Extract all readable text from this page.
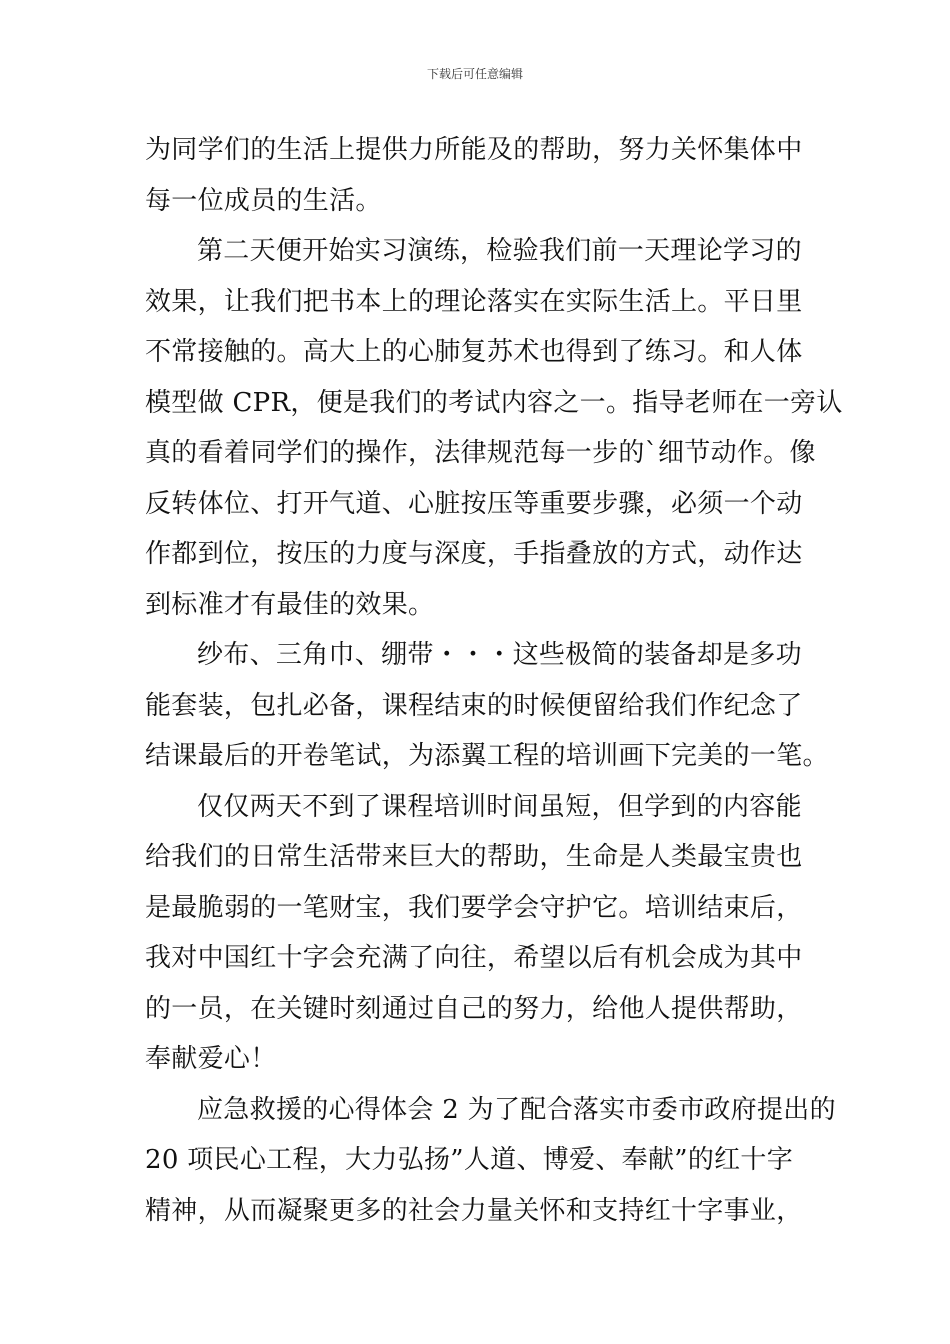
下载后可任意编辑
为同学们的生活上提供力所能及的帮助，努力关怀集体中
每一位成员的生活。
第二天便开始实习演练，检验我们前一天理论学习的
效果，让我们把书本上的理论落实在实际生活上。平日里
不常接触的。高大上的心肺复苏术也得到了练习。和人体
模型做 CPR，便是我们的考试内容之一。指导老师在一旁认
真的看着同学们的操作，法律规范每一步的`细节动作。像
反转体位、打开气道、心脏按压等重要步骤，必须一个动
作都到位，按压的力度与深度，手指叠放的方式，动作达
到标准才有最佳的效果。
纱布、三角巾、绷带・・・这些极简的装备却是多功
能套装，包扎必备，课程结束的时候便留给我们作纪念了
结课最后的开卷笔试，为添翼工程的培训画下完美的一笔。
仅仅两天不到了课程培训时间虽短，但学到的内容能
给我们的日常生活带来巨大的帮助，生命是人类最宝贵也
是最脆弱的一笔财宝，我们要学会守护它。培训结束后，
我对中国红十字会充满了向往，希望以后有机会成为其中
的一员，在关键时刻通过自己的努力，给他人提供帮助，
奉献爱心！
应急救援的心得体会 2 为了配合落实市委市政府提出的
20 项民心工程，大力弘扬”人道、博爱、奉献”的红十字
精神，从而凝聚更多的社会力量关怀和支持红十字事业，
